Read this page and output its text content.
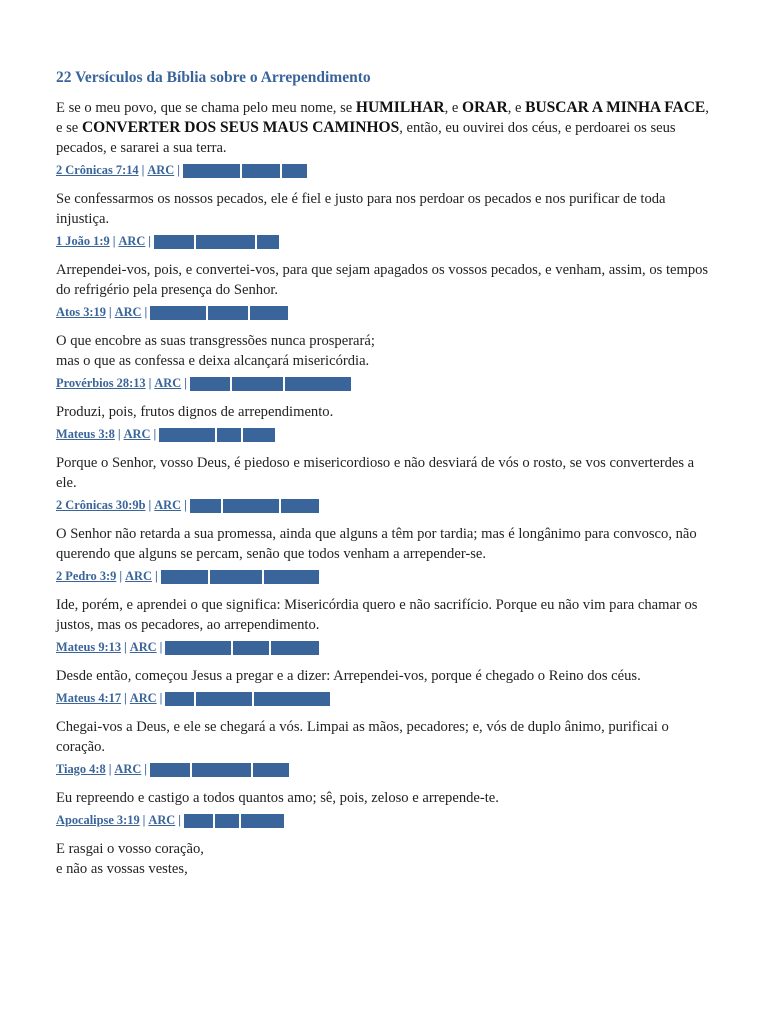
22 Versículos da Bíblia sobre o Arrependimento

E se o meu povo, que se chama pelo meu nome, se HUMILHAR, e ORAR, e BUSCAR A MINHA FACE, e se CONVERTER DOS SEUS MAUS CAMINHOS, então, eu ouvirei dos céus, e perdoarei os seus pecados, e sararei a sua terra.

2 Crônicas 7:14 | ARC | humildade perdão cura

Se confessarmos os nossos pecados, ele é fiel e justo para nos perdoar os pecados e nos purificar de toda injustiça.

1 João 1:9 | ARC | pecado purificação mal

Arrependei-vos, pois, e convertei-vos, para que sejam apagados os vossos pecados, e venham, assim, os tempos do refrigério pela presença do Senhor.

Atos 3:19 | ARC | conversão pecado perdão

O que encobre as suas transgressões nunca prosperará;
mas o que as confessa e deixa alcançará misericórdia.

Provérbios 28:13 | ARC | pecado confissão misericórdia

Produzi, pois, frutos dignos de arrependimento.

Mateus 3:8 | ARC | conversão vida frutos

Porque o Senhor, vosso Deus, é piedoso e misericordioso e não desviará de vós o rosto, se vos converterdes a ele.

2 Crônicas 30:9b | ARC | graça conversão perdão

O Senhor não retarda a sua promessa, ainda que alguns a têm por tardia; mas é longânimo para convosco, não querendo que alguns se percam, senão que todos venham a arrepender-se.

2 Pedro 3:9 | ARC | salvação paciência conversão

Ide, porém, e aprendei o que significa: Misericórdia quero e não sacrifício. Porque eu não vim para chamar os justos, mas os pecadores, ao arrependimento.

Mateus 9:13 | ARC | misericórdia justiça sacrifício

Desde então, começou Jesus a pregar e a dizer: Arrependei-vos, porque é chegado o Reino dos céus.

Mateus 4:17 | ARC | Jesus conversão evangelização

Chegai-vos a Deus, e ele se chegará a vós. Limpai as mãos, pecadores; e, vós de duplo ânimo, purificai o coração.

Tiago 4:8 | ARC | pecado purificação justiça

Eu repreendo e castigo a todos quantos amo; sê, pois, zeloso e arrepende-te.

Apocalipse 3:19 | ARC | amor vida punição

E rasgai o vosso coração,
e não as vossas vestes,
